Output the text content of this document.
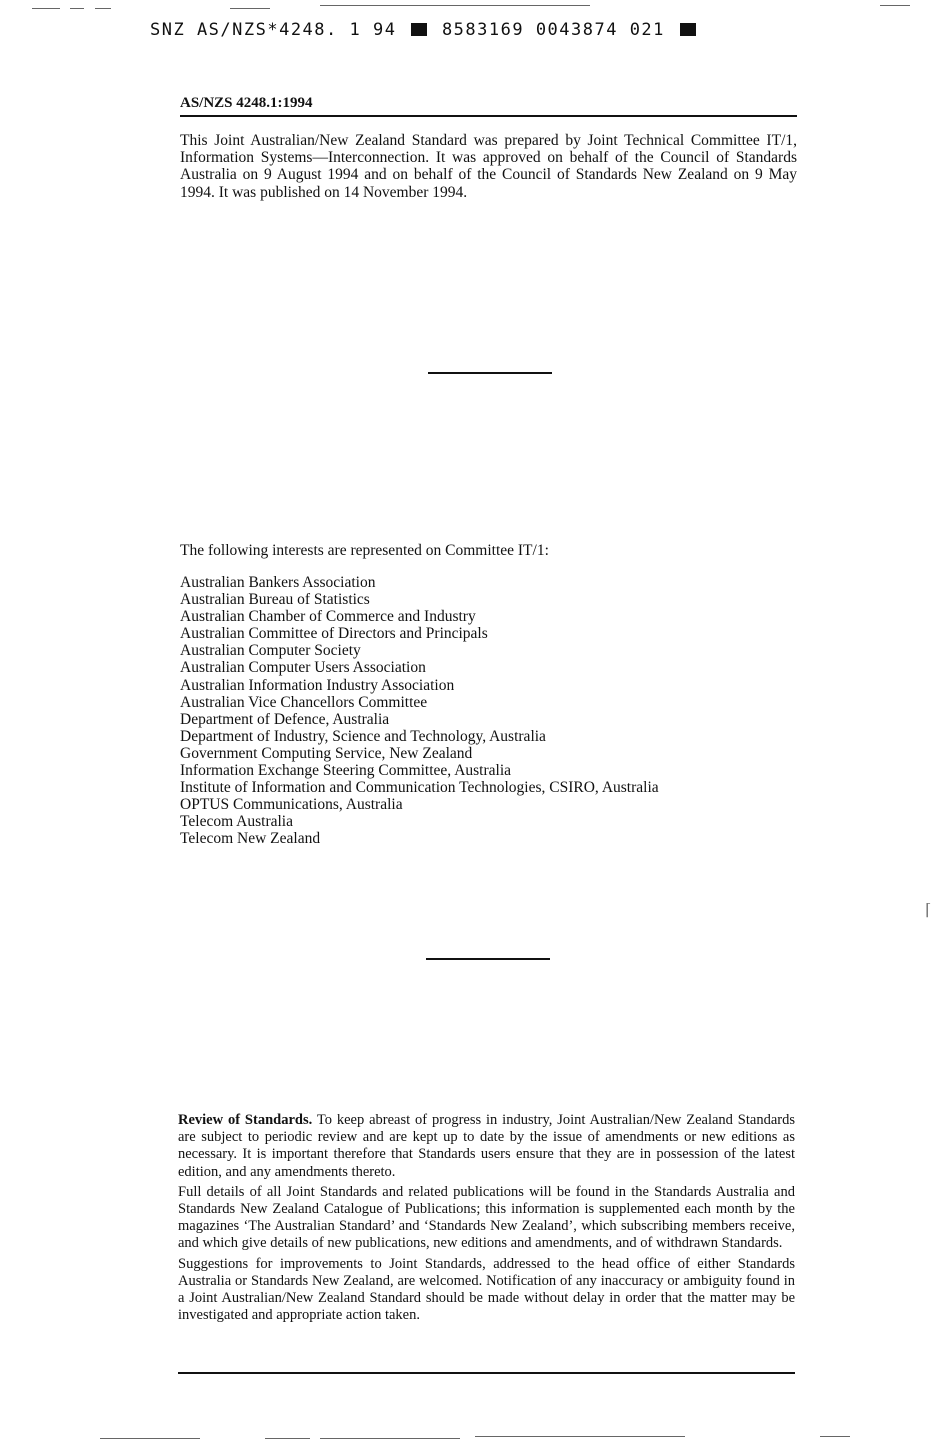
SNZ AS/NZS*4248. 1 94	8583169 0043874 021
AS/NZS 4248.1:1994
This Joint Australian/New Zealand Standard was prepared by Joint Technical Committee IT/1, Information Systems—Interconnection. It was approved on behalf of the Council of Standards Australia on 9 August 1994 and on behalf of the Council of Standards New Zealand on 9 May 1994. It was published on 14 November 1994.
The following interests are represented on Committee IT/1:
Australian Bankers Association
Australian Bureau of Statistics
Australian Chamber of Commerce and Industry
Australian Committee of Directors and Principals
Australian Computer Society
Australian Computer Users Association
Australian Information Industry Association
Australian Vice Chancellors Committee
Department of Defence, Australia
Department of Industry, Science and Technology, Australia
Government Computing Service, New Zealand
Information Exchange Steering Committee, Australia
Institute of Information and Communication Technologies, CSIRO, Australia
OPTUS Communications, Australia
Telecom Australia
Telecom New Zealand
⌈

Review of Standards. To keep abreast of progress in industry, Joint Australian/New Zealand Standards are subject to periodic review and are kept up to date by the issue of amendments or new editions as necessary. It is important therefore that Standards users ensure that they are in possession of the latest edition, and any amendments thereto.

Full details of all Joint Standards and related publications will be found in the Standards Australia and Standards New Zealand Catalogue of Publications; this information is supplemented each month by the magazines ‘The Australian Standard’ and ‘Standards New Zealand’, which subscribing members receive, and which give details of new publications, new editions and amendments, and of withdrawn Standards.

Suggestions for improvements to Joint Standards, addressed to the head office of either Standards Australia or Standards New Zealand, are welcomed. Notification of any inaccuracy or ambiguity found in a Joint Australian/New Zealand Standard should be made without delay in order that the matter may be investigated and appropriate action taken.
